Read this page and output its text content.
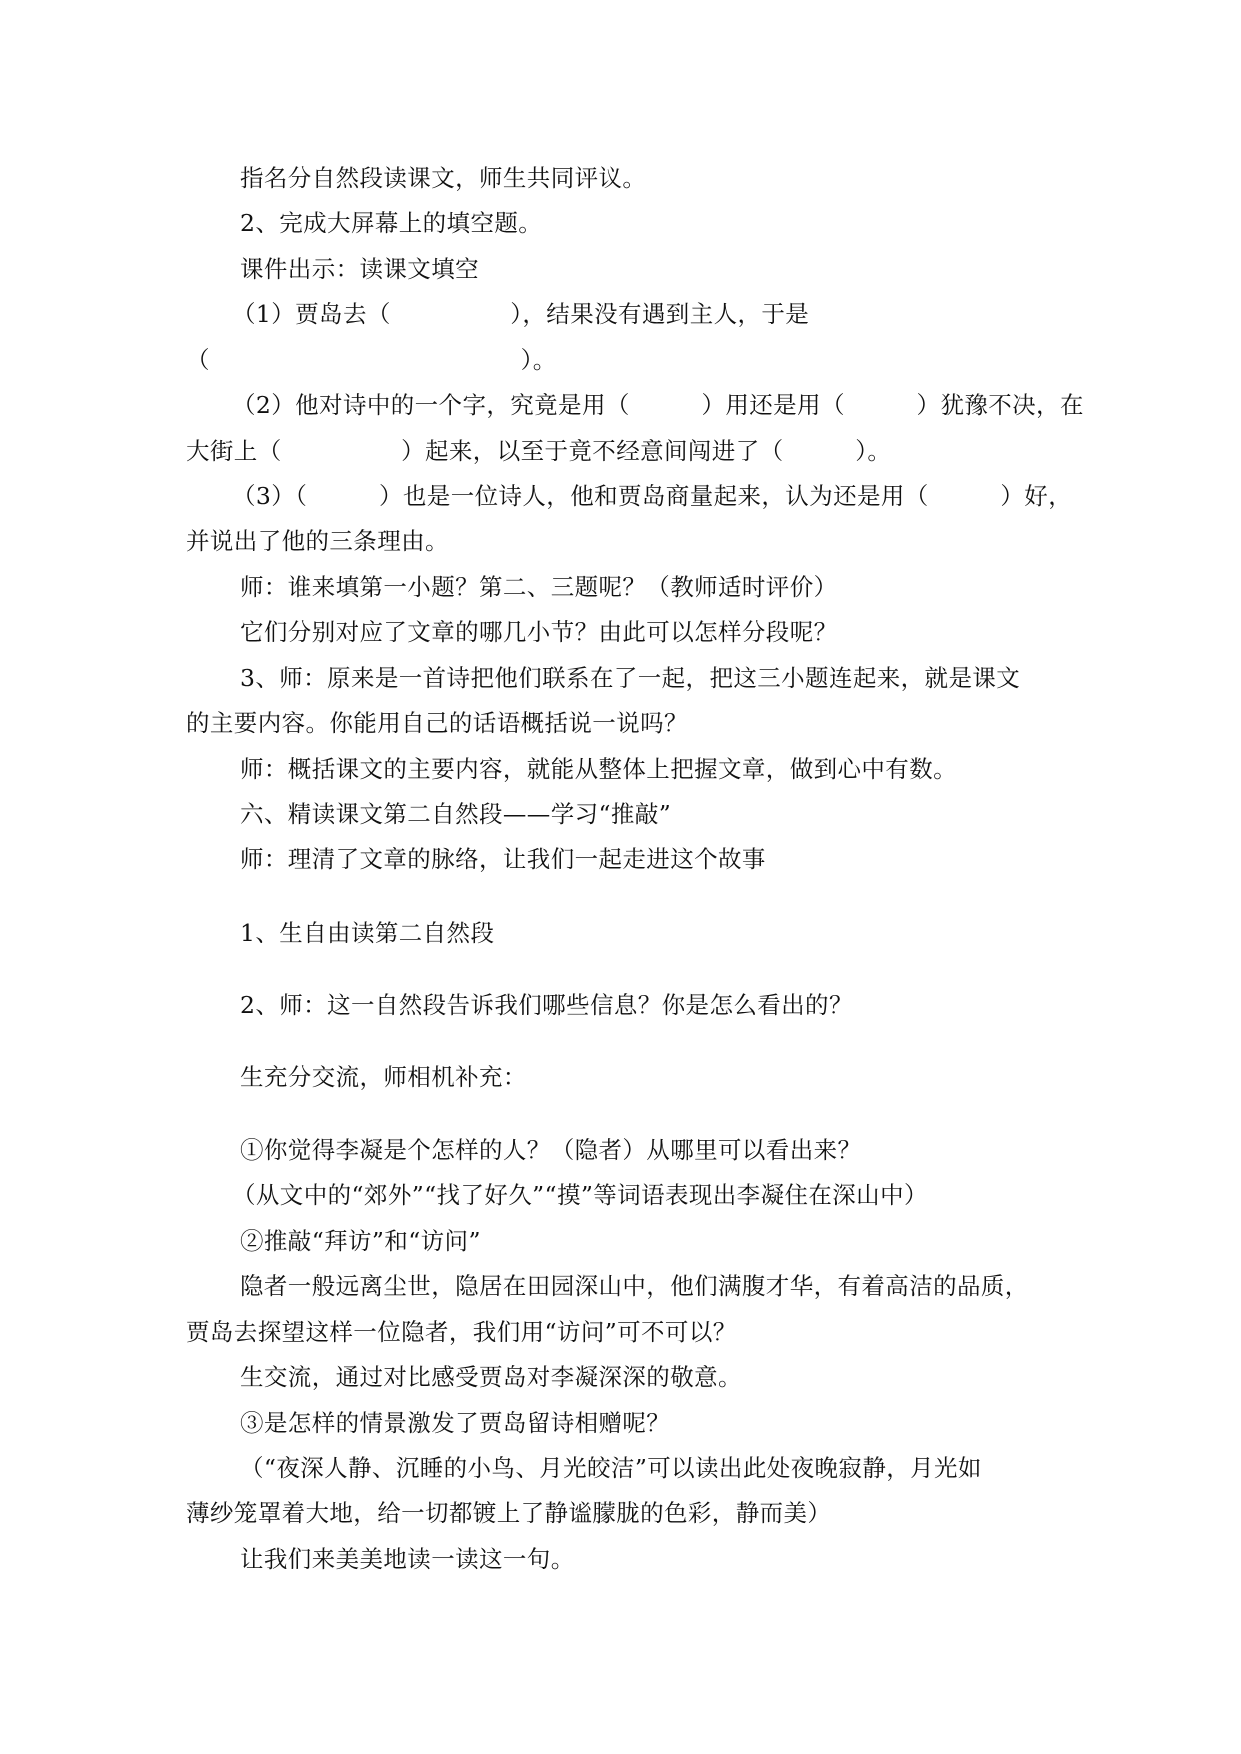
指名分自然段读课文，师生共同评议。
2、完成大屏幕上的填空题。
课件出示：读课文填空
（1）贾岛去（　　　　　），结果没有遇到主人，于是
（　　　　　　　　　　　　　）。
（2）他对诗中的一个字，究竟是用（　　　）用还是用（　　　）犹豫不决，在
大街上（　　　　　）起来，以至于竟不经意间闯进了（　　　）。
（3）（　　　）也是一位诗人，他和贾岛商量起来，认为还是用（　　　）好，
并说出了他的三条理由。
师：谁来填第一小题？第二、三题呢？（教师适时评价）
它们分别对应了文章的哪几小节？由此可以怎样分段呢？
3、师：原来是一首诗把他们联系在了一起，把这三小题连起来，就是课文
的主要内容。你能用自己的话语概括说一说吗？
师：概括课文的主要内容，就能从整体上把握文章，做到心中有数。
六、精读课文第二自然段——学习“推敲”
师：理清了文章的脉络，让我们一起走进这个故事
1、生自由读第二自然段
2、师：这一自然段告诉我们哪些信息？你是怎么看出的？
生充分交流，师相机补充：
①你觉得李凝是个怎样的人？（隐者）从哪里可以看出来？
（从文中的“郊外”“找了好久”“摸”等词语表现出李凝住在深山中）
②推敲“拜访”和“访问”
隐者一般远离尘世，隐居在田园深山中，他们满腹才华，有着高洁的品质，
贾岛去探望这样一位隐者，我们用“访问”可不可以？
生交流，通过对比感受贾岛对李凝深深的敬意。
③是怎样的情景激发了贾岛留诗相赠呢？
（“夜深人静、沉睡的小鸟、月光皎洁”可以读出此处夜晚寂静，月光如
薄纱笼罩着大地，给一切都镀上了静谧朦胧的色彩，静而美）
让我们来美美地读一读这一句。
